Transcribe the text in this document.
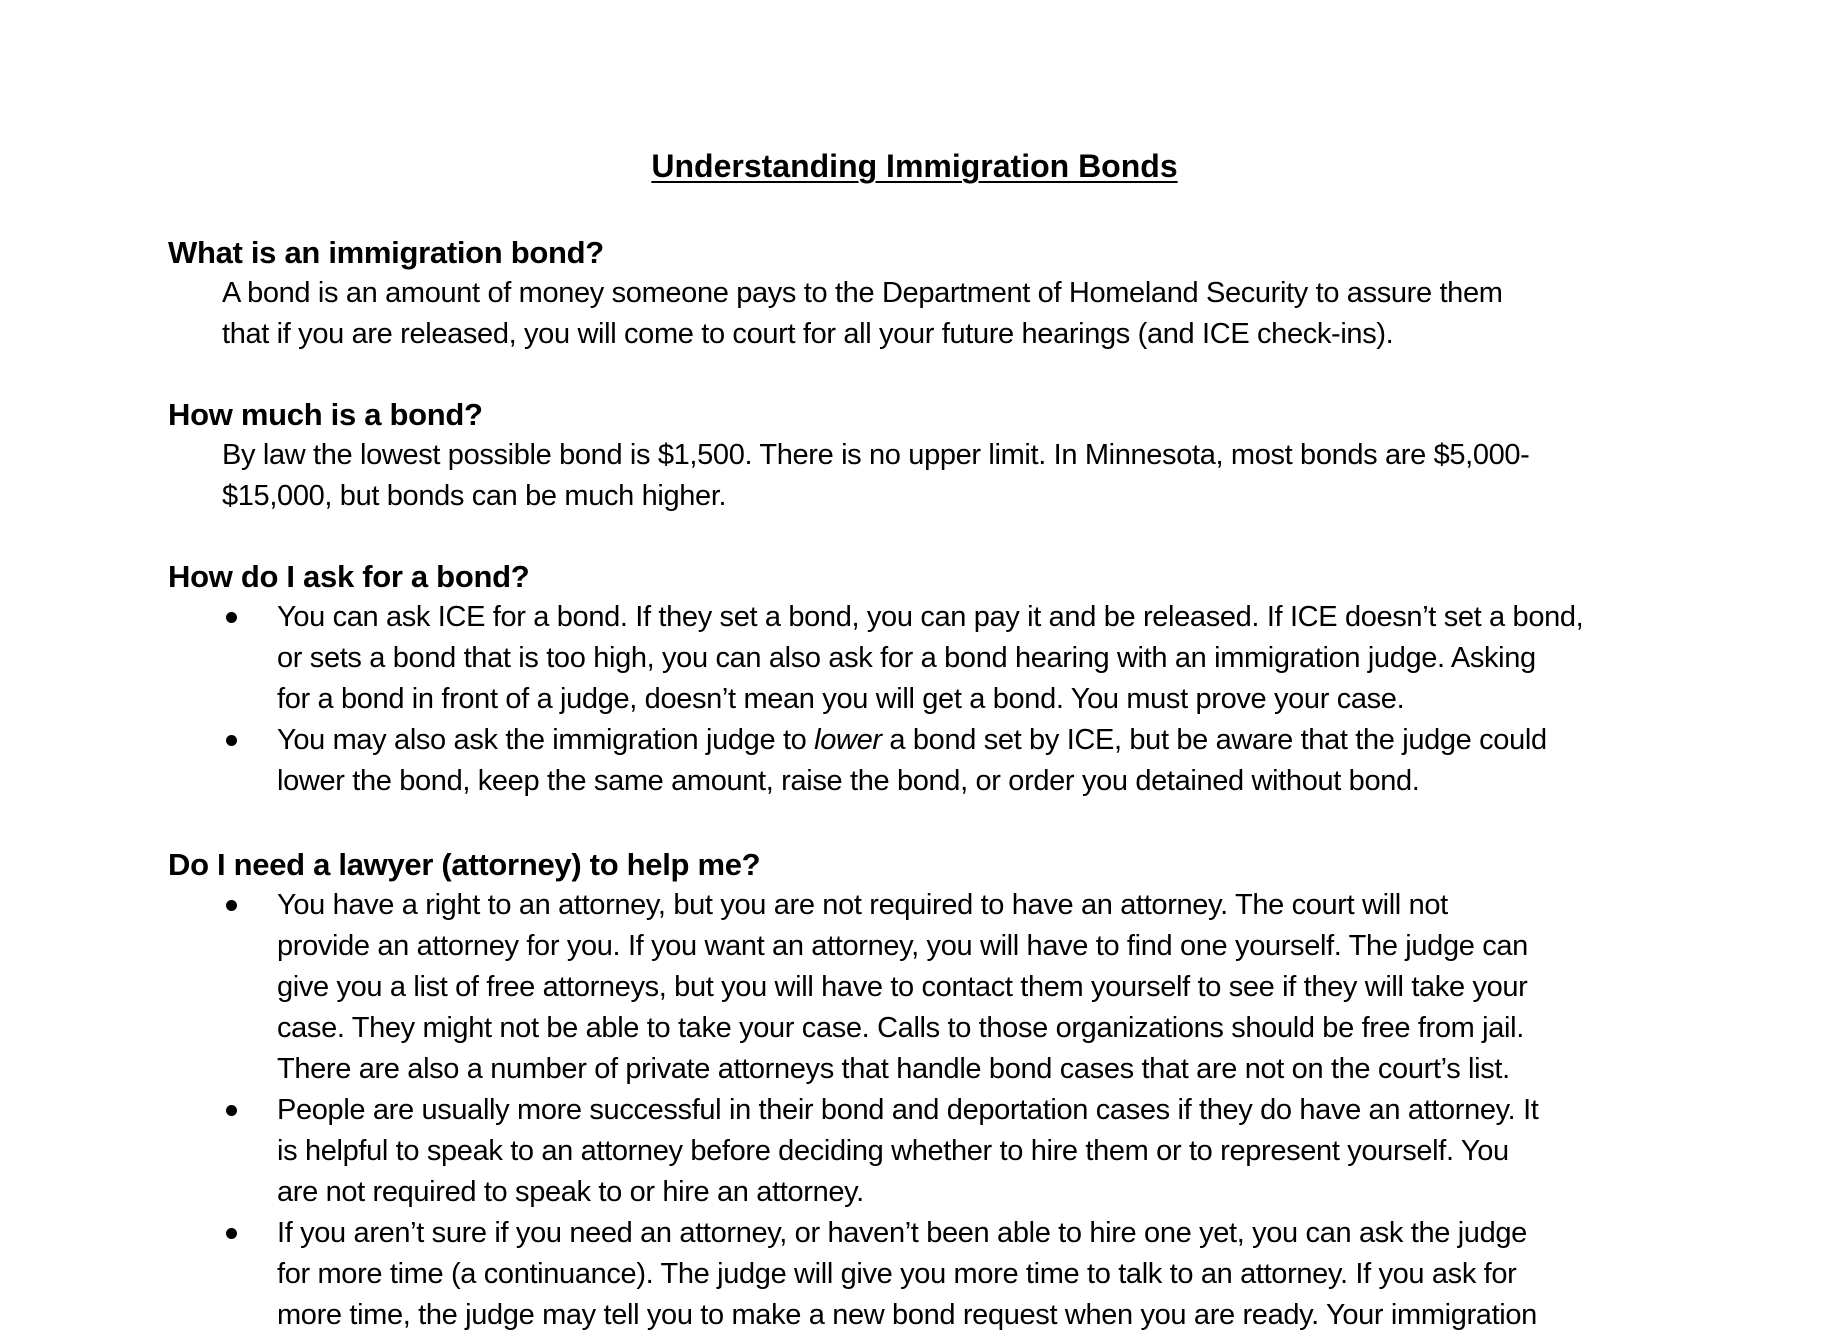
Understanding Immigration Bonds
What is an immigration bond?

A bond is an amount of money someone pays to the Department of Homeland Security to assure them
that if you are released, you will come to court for all your future hearings (and ICE check-ins).

How much is a bond?

By law the lowest possible bond is $1,500. There is no upper limit. In Minnesota, most bonds are $5,000-
$15,000, but bonds can be much higher.

How do I ask for a bond?
You can ask ICE for a bond. If they set a bond, you can pay it and be released. If ICE doesn’t set a bond,
or sets a bond that is too high, you can also ask for a bond hearing with an immigration judge. Asking
for a bond in front of a judge, doesn’t mean you will get a bond. You must prove your case.
You may also ask the immigration judge to lower a bond set by ICE, but be aware that the judge could
lower the bond, keep the same amount, raise the bond, or order you detained without bond.
Do I need a lawyer (attorney) to help me?
You have a right to an attorney, but you are not required to have an attorney. The court will not
provide an attorney for you. If you want an attorney, you will have to find one yourself. The judge can
give you a list of free attorneys, but you will have to contact them yourself to see if they will take your
case. They might not be able to take your case. Calls to those organizations should be free from jail.
There are also a number of private attorneys that handle bond cases that are not on the court’s list.
People are usually more successful in their bond and deportation cases if they do have an attorney. It
is helpful to speak to an attorney before deciding whether to hire them or to represent yourself. You
are not required to speak to or hire an attorney.
If you aren’t sure if you need an attorney, or haven’t been able to hire one yet, you can ask the judge
for more time (a continuance). The judge will give you more time to talk to an attorney. If you ask for
more time, the judge may tell you to make a new bond request when you are ready. Your immigration
